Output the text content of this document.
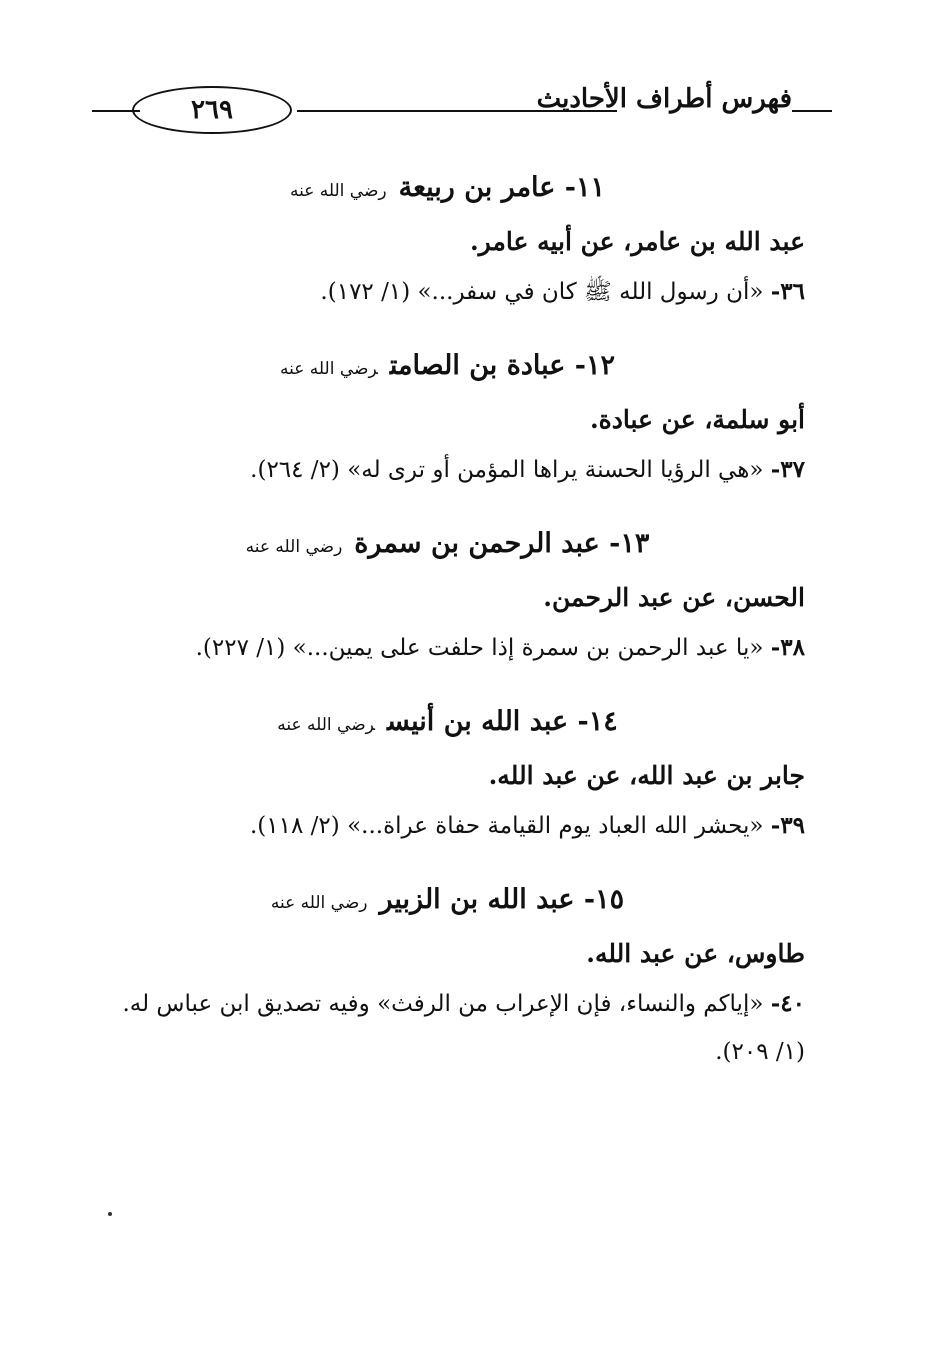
٢٦٩	فهرس أطراف الأحاديث
١١- عامر بن ربيعةرضي الله عنه
عبد الله بن عامر، عن أبيه عامر.
٣٦- «أن رسول الله ﷺ كان في سفر...» (١/ ١٧٢).
١٢- عبادة بن الصامترضي الله عنه
أبو سلمة، عن عبادة.
٣٧- «هي الرؤيا الحسنة يراها المؤمن أو ترى له» (٢/ ٢٦٤).
١٣- عبد الرحمن بن سمرةرضي الله عنه
الحسن، عن عبد الرحمن.
٣٨- «يا عبد الرحمن بن سمرة إذا حلفت على يمين...» (١/ ٢٢٧).
١٤- عبد الله بن أنيسرضي الله عنه
جابر بن عبد الله، عن عبد الله.
٣٩- «يحشر الله العباد يوم القيامة حفاة عراة...» (٢/ ١١٨).
١٥- عبد الله بن الزبيررضي الله عنه
طاوس، عن عبد الله.
٤٠- «إياكم والنساء، فإن الإعراب من الرفث» وفيه تصديق ابن عباس له. (١/ ٢٠٩).
